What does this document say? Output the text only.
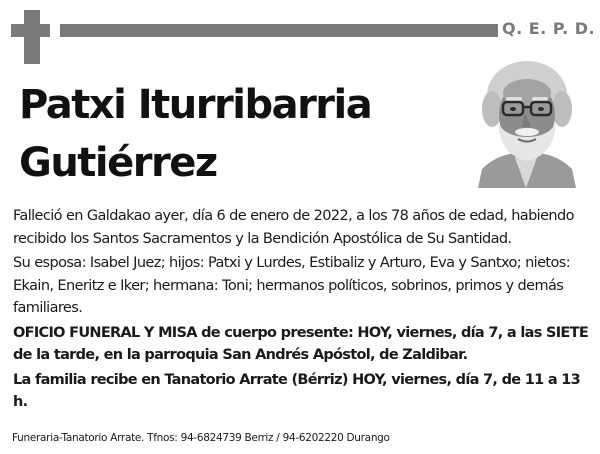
Q. E. P. D.
Patxi Iturribarria
Gutiérrez

Falleció en Galdakao ayer, día 6 de enero de 2022, a los 78 años de edad, habiendo recibido los Santos Sacramentos y la Bendición Apostólica de Su Santidad.

Su esposa: Isabel Juez; hijos: Patxi y Lurdes, Estibaliz y Arturo, Eva y Santxo; nietos: Ekain, Eneritz e Iker; hermana: Toni; hermanos políticos, sobrinos, primos y demás familiares.

OFICIO FUNERAL Y MISA de cuerpo presente: HOY, viernes, día 7, a las SIETE de la tarde, en la parroquia San Andrés Apóstol, de Zaldibar.

La familia recibe en Tanatorio Arrate (Bérriz) HOY, viernes, día 7, de 11 a 13 h.

Funeraria-Tanatorio Arrate. Tfnos: 94-6824739 Berriz / 94-6202220 Durango
